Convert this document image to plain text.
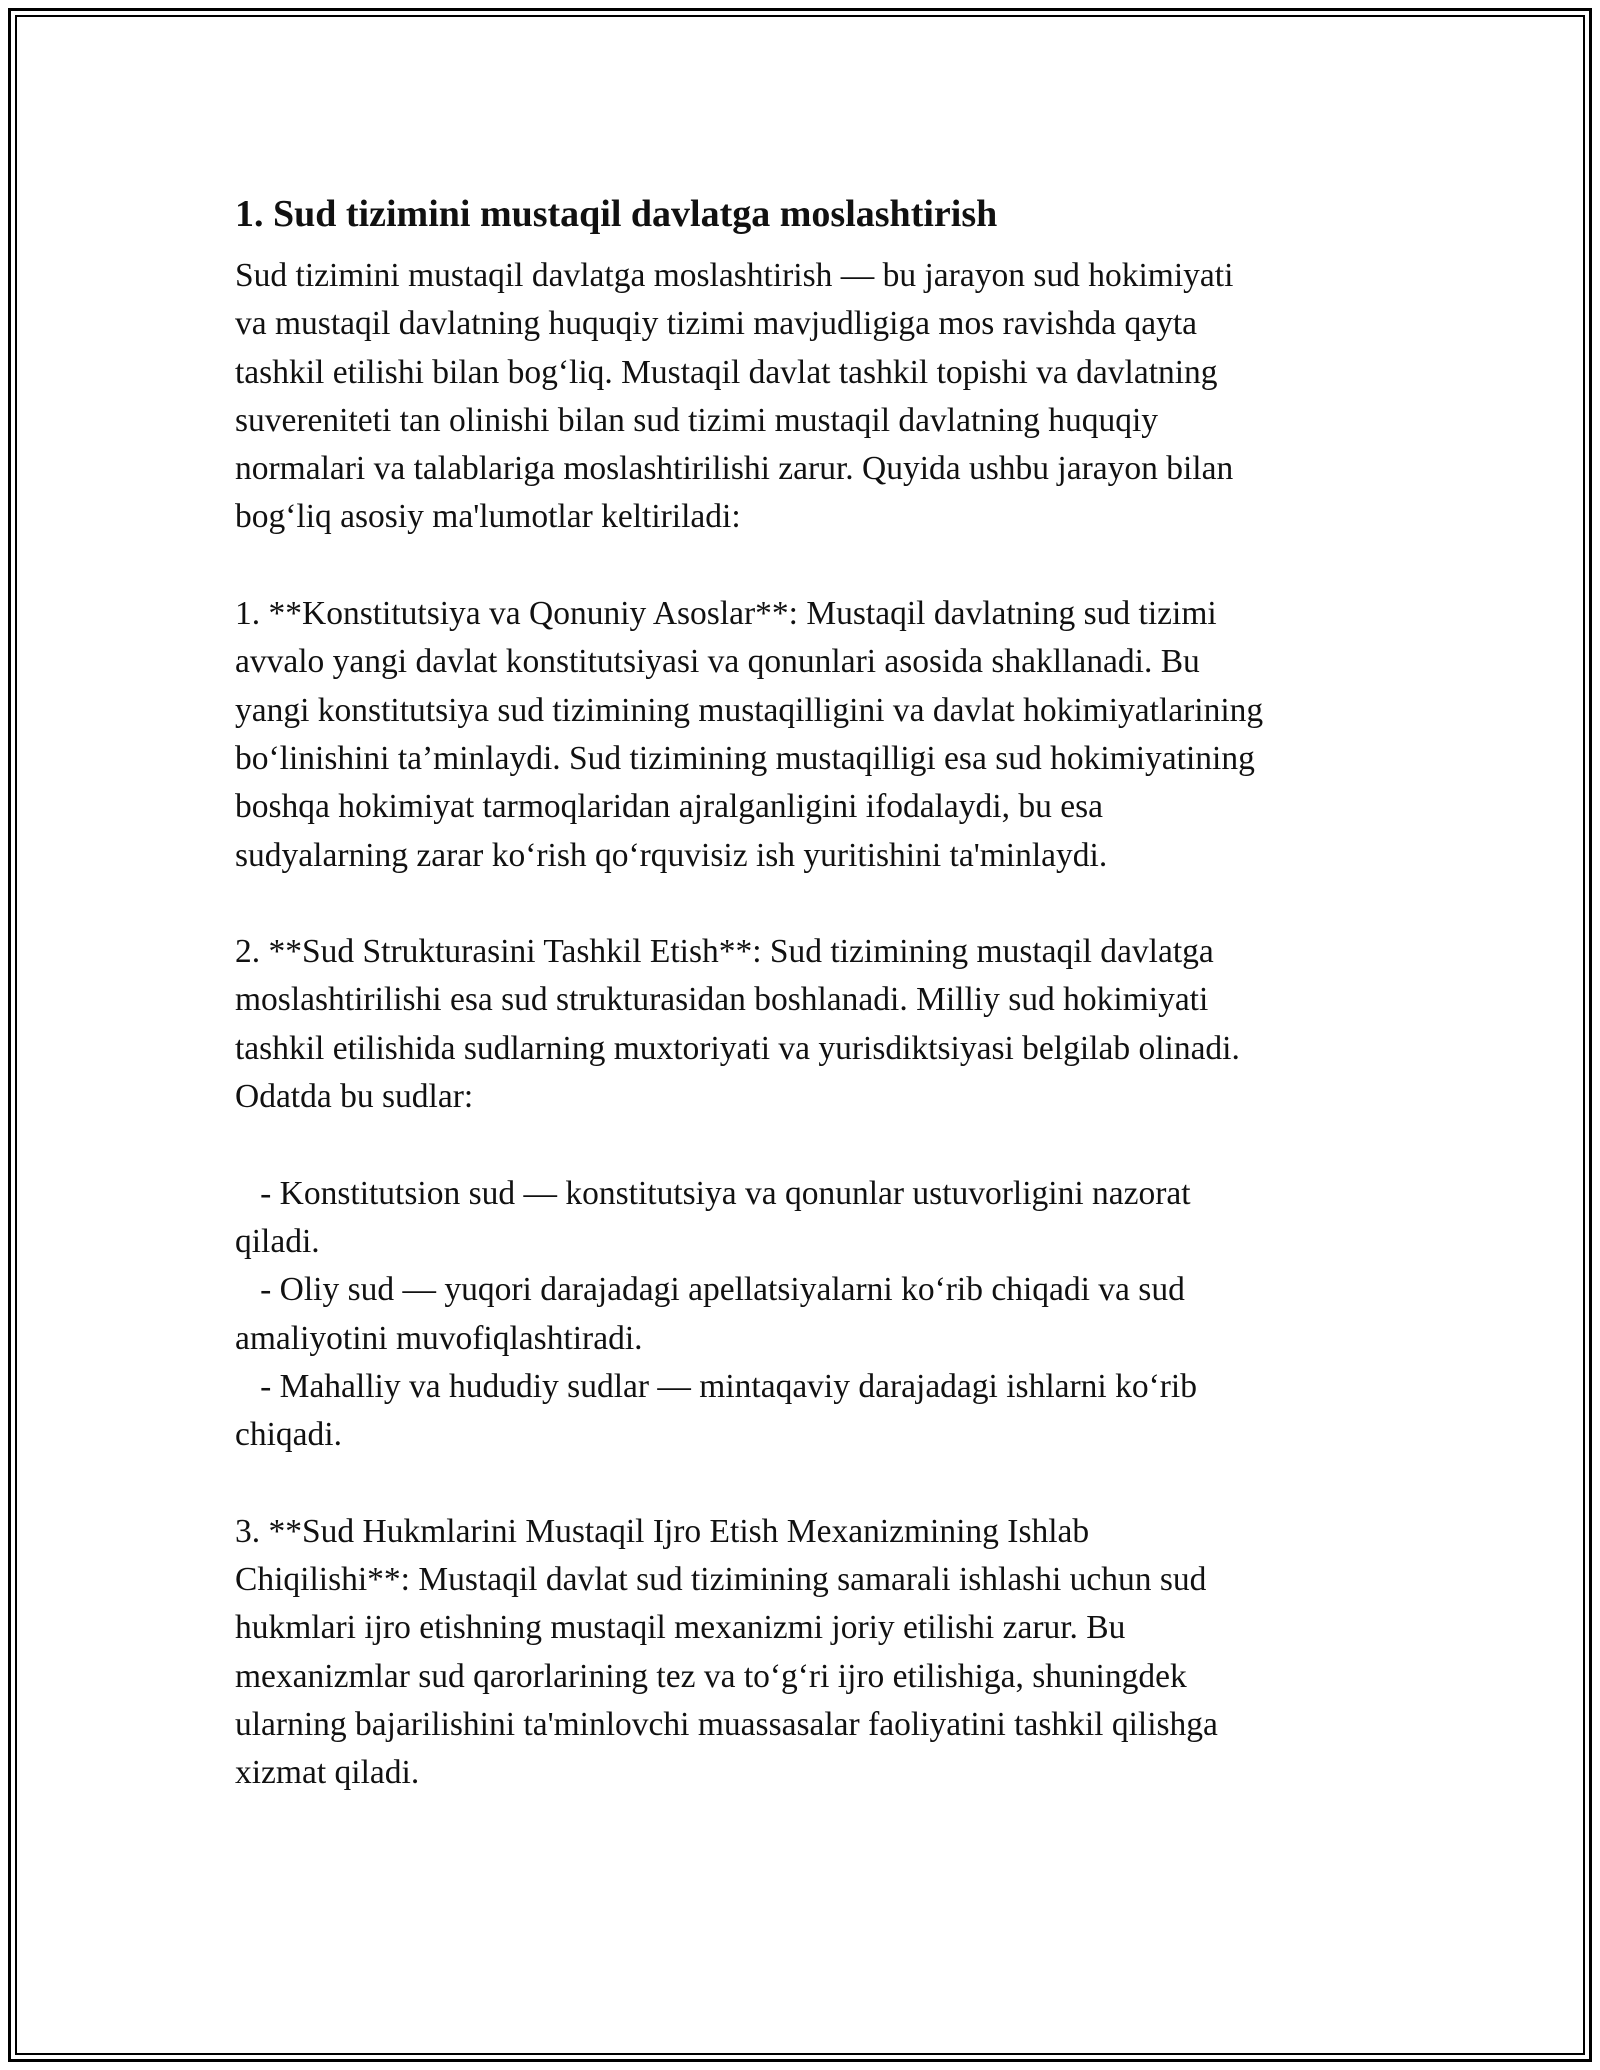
1. Sud tizimini mustaqil davlatga moslashtirish

Sud tizimini mustaqil davlatga moslashtirish — bu jarayon sud hokimiyati
va mustaqil davlatning huquqiy tizimi mavjudligiga mos ravishda qayta
tashkil etilishi bilan bog‘liq. Mustaqil davlat tashkil topishi va davlatning
suvereniteti tan olinishi bilan sud tizimi mustaqil davlatning huquqiy
normalari va talablariga moslashtirilishi zarur. Quyida ushbu jarayon bilan
bog‘liq asosiy ma'lumotlar keltiriladi:

1. **Konstitutsiya va Qonuniy Asoslar**: Mustaqil davlatning sud tizimi
avvalo yangi davlat konstitutsiyasi va qonunlari asosida shakllanadi. Bu
yangi konstitutsiya sud tizimining mustaqilligini va davlat hokimiyatlarining
bo‘linishini ta’minlaydi. Sud tizimining mustaqilligi esa sud hokimiyatining
boshqa hokimiyat tarmoqlaridan ajralganligini ifodalaydi, bu esa
sudyalarning zarar ko‘rish qo‘rquvisiz ish yuritishini ta'minlaydi.

2. **Sud Strukturasini Tashkil Etish**: Sud tizimining mustaqil davlatga
moslashtirilishi esa sud strukturasidan boshlanadi. Milliy sud hokimiyati
tashkil etilishida sudlarning muxtoriyati va yurisdiktsiyasi belgilab olinadi.
Odatda bu sudlar:

- Konstitutsion sud — konstitutsiya va qonunlar ustuvorligini nazorat
qiladi.
- Oliy sud — yuqori darajadagi apellatsiyalarni ko‘rib chiqadi va sud
amaliyotini muvofiqlashtiradi.
- Mahalliy va hududiy sudlar — mintaqaviy darajadagi ishlarni ko‘rib
chiqadi.

3. **Sud Hukmlarini Mustaqil Ijro Etish Mexanizmining Ishlab
Chiqilishi**: Mustaqil davlat sud tizimining samarali ishlashi uchun sud
hukmlari ijro etishning mustaqil mexanizmi joriy etilishi zarur. Bu
mexanizmlar sud qarorlarining tez va to‘g‘ri ijro etilishiga, shuningdek
ularning bajarilishini ta'minlovchi muassasalar faoliyatini tashkil qilishga
xizmat qiladi.
